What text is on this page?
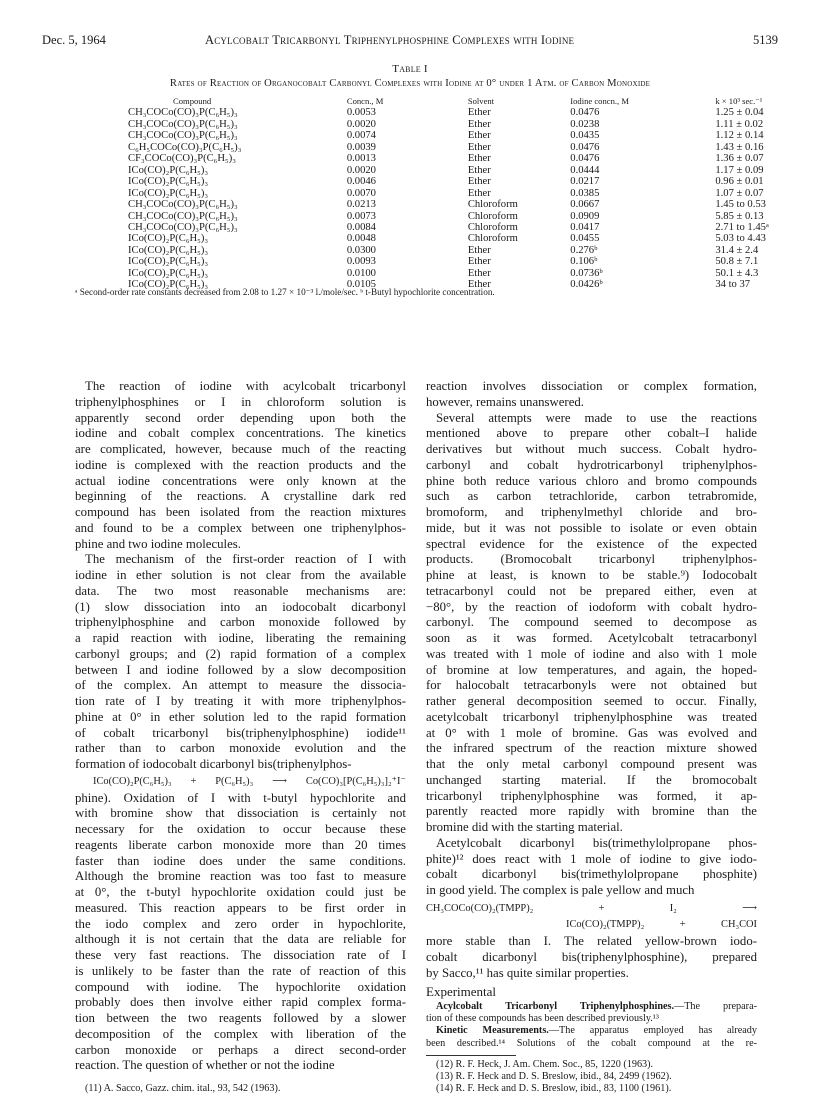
Dec. 5, 1964	Acylcobalt Tricarbonyl Triphenylphosphine Complexes with Iodine	5139
Table I
Rates of Reaction of Organocobalt Carbonyl Complexes with Iodine at 0° under 1 Atm. of Carbon Monoxide
Compound	Concn., M	Solvent	Iodine concn., M	k × 10³ sec.⁻¹
CH₃COCo(CO)₃P(C₆H₅)₃	0.0053	Ether	0.0476	1.25 ± 0.04
CH₃COCo(CO)₃P(C₆H₅)₃	0.0020	Ether	0.0238	1.11 ± 0.02
CH₃COCo(CO)₃P(C₆H₅)₃	0.0074	Ether	0.0435	1.12 ± 0.14
C₆H₅COCo(CO)₃P(C₆H₅)₃	0.0039	Ether	0.0476	1.43 ± 0.16
CF₃COCo(CO)₃P(C₆H₅)₃	0.0013	Ether	0.0476	1.36 ± 0.07
ICo(CO)₂P(C₆H₅)₃	0.0020	Ether	0.0444	1.17 ± 0.09
ICo(CO)₂P(C₆H₅)₃	0.0046	Ether	0.0217	0.96 ± 0.01
ICo(CO)₂P(C₆H₅)₃	0.0070	Ether	0.0385	1.07 ± 0.07
CH₃COCo(CO)₃P(C₆H₅)₃	0.0213	Chloroform	0.0667	1.45 to 0.53
CH₃COCo(CO)₃P(C₆H₅)₃	0.0073	Chloroform	0.0909	5.85 ± 0.13
CH₃COCo(CO)₃P(C₆H₅)₃	0.0084	Chloroform	0.0417	2.71 to 1.45ᵃ
ICo(CO)₂P(C₆H₅)₃	0.0048	Chloroform	0.0455	5.03 to 4.43
ICo(CO)₂P(C₆H₅)₃	0.0300	Ether	0.276ᵇ	31.4 ± 2.4
ICo(CO)₂P(C₆H₅)₃	0.0093	Ether	0.106ᵇ	50.8 ± 7.1
ICo(CO)₂P(C₆H₅)₃	0.0100	Ether	0.0736ᵇ	50.1 ± 4.3
ICo(CO)₂P(C₆H₅)₃	0.0105	Ether	0.0426ᵇ	34 to 37
ᵃ Second-order rate constants decreased from 2.08 to 1.27 × 10⁻³ l./mole/sec. ᵇ t-Butyl hypochlorite concentration.

The reaction of iodine with acylcobalt tricarbonyl

triphenylphosphines or I in chloroform solution is

apparently second order depending upon both the

iodine and cobalt complex concentrations. The kinetics

are complicated, however, because much of the reacting

iodine is complexed with the reaction products and the

actual iodine concentrations were only known at the

beginning of the reactions. A crystalline dark red

compound has been isolated from the reaction mixtures

and found to be a complex between one triphenylphos-

phine and two iodine molecules.

The mechanism of the first-order reaction of I with

iodine in ether solution is not clear from the available

data. The two most reasonable mechanisms are:

(1) slow dissociation into an iodocobalt dicarbonyl

triphenylphosphine and carbon monoxide followed by

a rapid reaction with iodine, liberating the remaining

carbonyl groups; and (2) rapid formation of a complex

between I and iodine followed by a slow decomposition

of the complex. An attempt to measure the dissocia-

tion rate of I by treating it with more triphenylphos-

phine at 0° in ether solution led to the rapid formation

of cobalt tricarbonyl bis(triphenylphosphine) iodide¹¹

rather than to carbon monoxide evolution and the

formation of iodocobalt dicarbonyl bis(triphenylphos-

ICo(CO)₂P(C₆H₅)₃ + P(C₆H₅)₃ ⟶ Co(CO)₃[P(C₆H₅)₃]₂⁺I⁻

phine). Oxidation of I with t-butyl hypochlorite and

with bromine show that dissociation is certainly not

necessary for the oxidation to occur because these

reagents liberate carbon monoxide more than 20 times

faster than iodine does under the same conditions.

Although the bromine reaction was too fast to measure

at 0°, the t-butyl hypochlorite oxidation could just be

measured. This reaction appears to be first order in

the iodo complex and zero order in hypochlorite,

although it is not certain that the data are reliable for

these very fast reactions. The dissociation rate of I

is unlikely to be faster than the rate of reaction of this

compound with iodine. The hypochlorite oxidation

probably does then involve either rapid complex forma-

tion between the two reagents followed by a slower

decomposition of the complex with liberation of the

carbon monoxide or perhaps a direct second-order

reaction. The question of whether or not the iodine

(11) A. Sacco, Gazz. chim. ital., 93, 542 (1963).

reaction involves dissociation or complex formation,

however, remains unanswered.

Several attempts were made to use the reactions

mentioned above to prepare other cobalt–I halide

derivatives but without much success. Cobalt hydro-

carbonyl and cobalt hydrotricarbonyl triphenylphos-

phine both reduce various chloro and bromo compounds

such as carbon tetrachloride, carbon tetrabromide,

bromoform, and triphenylmethyl chloride and bro-

mide, but it was not possible to isolate or even obtain

spectral evidence for the existence of the expected

products. (Bromocobalt tricarbonyl triphenylphos-

phine at least, is known to be stable.⁹) Iodocobalt

tetracarbonyl could not be prepared either, even at

−80°, by the reaction of iodoform with cobalt hydro-

carbonyl. The compound seemed to decompose as

soon as it was formed. Acetylcobalt tetracarbonyl

was treated with 1 mole of iodine and also with 1 mole

of bromine at low temperatures, and again, the hoped-

for halocobalt tetracarbonyls were not obtained but

rather general decomposition seemed to occur. Finally,

acetylcobalt tricarbonyl triphenylphosphine was treated

at 0° with 1 mole of bromine. Gas was evolved and

the infrared spectrum of the reaction mixture showed

that the only metal carbonyl compound present was

unchanged starting material. If the bromocobalt

tricarbonyl triphenylphosphine was formed, it ap-

parently reacted more rapidly with bromine than the

bromine did with the starting material.

Acetylcobalt dicarbonyl bis(trimethylolpropane phos-

phite)¹² does react with 1 mole of iodine to give iodo-

cobalt dicarbonyl bis(trimethylolpropane phosphite)

in good yield. The complex is pale yellow and much

CH₃COCo(CO)₂(TMPP)₂ + I₂ ⟶

ICo(CO)₂(TMPP)₂ + CH₃COI

more stable than I. The related yellow-brown iodo-

cobalt dicarbonyl bis(triphenylphosphine), prepared

by Sacco,¹¹ has quite similar properties.

Experimental

Acylcobalt Tricarbonyl Triphenylphosphines.—The prepara-

tion of these compounds has been described previously.¹³

Kinetic Measurements.—The apparatus employed has already

been described.¹⁴ Solutions of the cobalt compound at the re-

(12) R. F. Heck, J. Am. Chem. Soc., 85, 1220 (1963).

(13) R. F. Heck and D. S. Breslow, ibid., 84, 2499 (1962).

(14) R. F. Heck and D. S. Breslow, ibid., 83, 1100 (1961).
